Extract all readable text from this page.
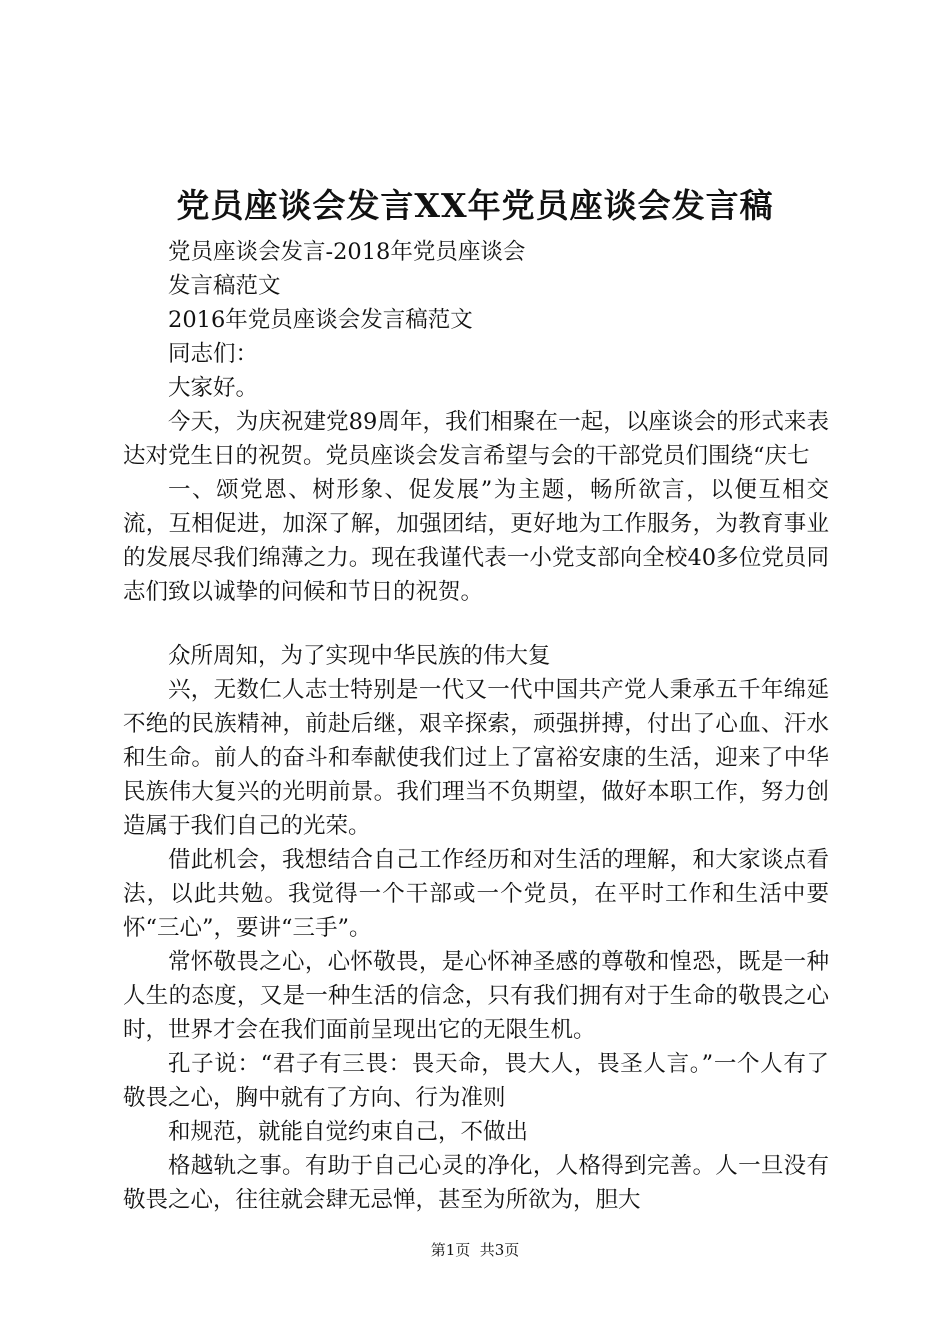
党员座谈会发言XX年党员座谈会发言稿

党员座谈会发言-2018年党员座谈会

发言稿范文

2016年党员座谈会发言稿范文

同志们：

大家好。

今天，为庆祝建党89周年，我们相聚在一起，以座谈会的形式来表达对党生日的祝贺。党员座谈会发言希望与会的干部党员们围绕“庆七

一、颂党恩、树形象、促发展”为主题，畅所欲言，以便互相交流，互相促进，加深了解，加强团结，更好地为工作服务，为教育事业的发展尽我们绵薄之力。现在我谨代表一小党支部向全校40多位党员同志们致以诚挚的问候和节日的祝贺。

众所周知，为了实现中华民族的伟大复

兴，无数仁人志士特别是一代又一代中国共产党人秉承五千年绵延不绝的民族精神，前赴后继，艰辛探索，顽强拼搏，付出了心血、汗水和生命。前人的奋斗和奉献使我们过上了富裕安康的生活，迎来了中华民族伟大复兴的光明前景。我们理当不负期望，做好本职工作，努力创造属于我们自己的光荣。

借此机会，我想结合自己工作经历和对生活的理解，和大家谈点看法，以此共勉。我觉得一个干部或一个党员，在平时工作和生活中要怀“三心”，要讲“三手”。

常怀敬畏之心，心怀敬畏，是心怀神圣感的尊敬和惶恐，既是一种人生的态度，又是一种生活的信念，只有我们拥有对于生命的敬畏之心时，世界才会在我们面前呈现出它的无限生机。

孔子说：“君子有三畏：畏天命，畏大人，畏圣人言。”一个人有了敬畏之心，胸中就有了方向、行为准则

和规范，就能自觉约束自己，不做出

格越轨之事。有助于自己心灵的净化，人格得到完善。人一旦没有敬畏之心，往往就会肆无忌惮，甚至为所欲为，胆大

第1页  共3页
